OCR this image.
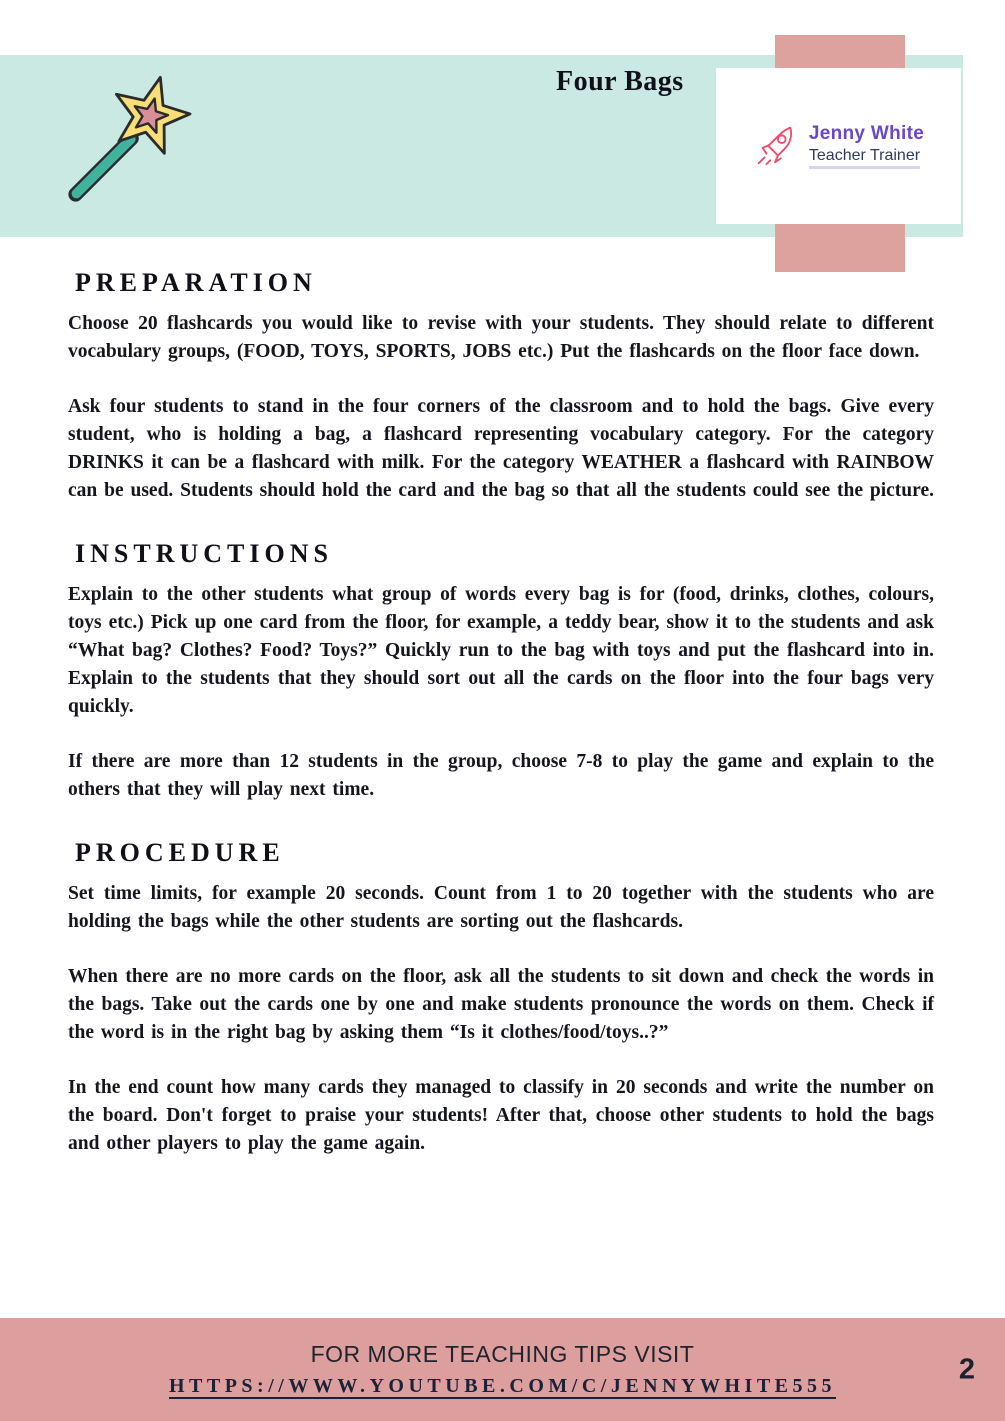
Four Bags
Jenny White
Teacher Trainer
PREPARATION

Choose 20 flashcards you would like to revise with your students. They should relate to different vocabulary groups, (FOOD, TOYS, SPORTS, JOBS etc.) Put the flashcards on the floor face down.

Ask four students to stand in the four corners of the classroom and to hold the bags. Give every student, who is holding a bag, a flashcard representing vocabulary category. For the category DRINKS it can be a flashcard with milk. For the category WEATHER a flashcard with RAINBOW can be used. Students should hold the card and the bag so that all the students could see the picture.

INSTRUCTIONS

Explain to the other students what group of words every bag is for (food, drinks, clothes, colours, toys etc.) Pick up one card from the floor, for example, a teddy bear, show it to the students and ask “What bag? Clothes? Food? Toys?” Quickly run to the bag with toys and put the flashcard into in. Explain to the students that they should sort out all the cards on the floor into the four bags very quickly.

If there are more than 12 students in the group, choose 7-8 to play the game and explain to the others that they will play next time.

PROCEDURE

Set time limits, for example 20 seconds. Count from 1 to 20 together with the students who are holding the bags while the other students are sorting out the flashcards.

When there are no more cards on the floor, ask all the students to sit down and check the words in the bags. Take out the cards one by one and make students pronounce the words on them. Check if the word is in the right bag by asking them “Is it clothes/food/toys..?”

In the end count how many cards they managed to classify in 20 seconds and write the number on the board. Don't forget to praise your students! After that, choose other students to hold the bags and other players to play the game again.

FOR MORE TEACHING TIPS VISIT
HTTPS://WWW.YOUTUBE.COM/C/JENNYWHITE555
2
